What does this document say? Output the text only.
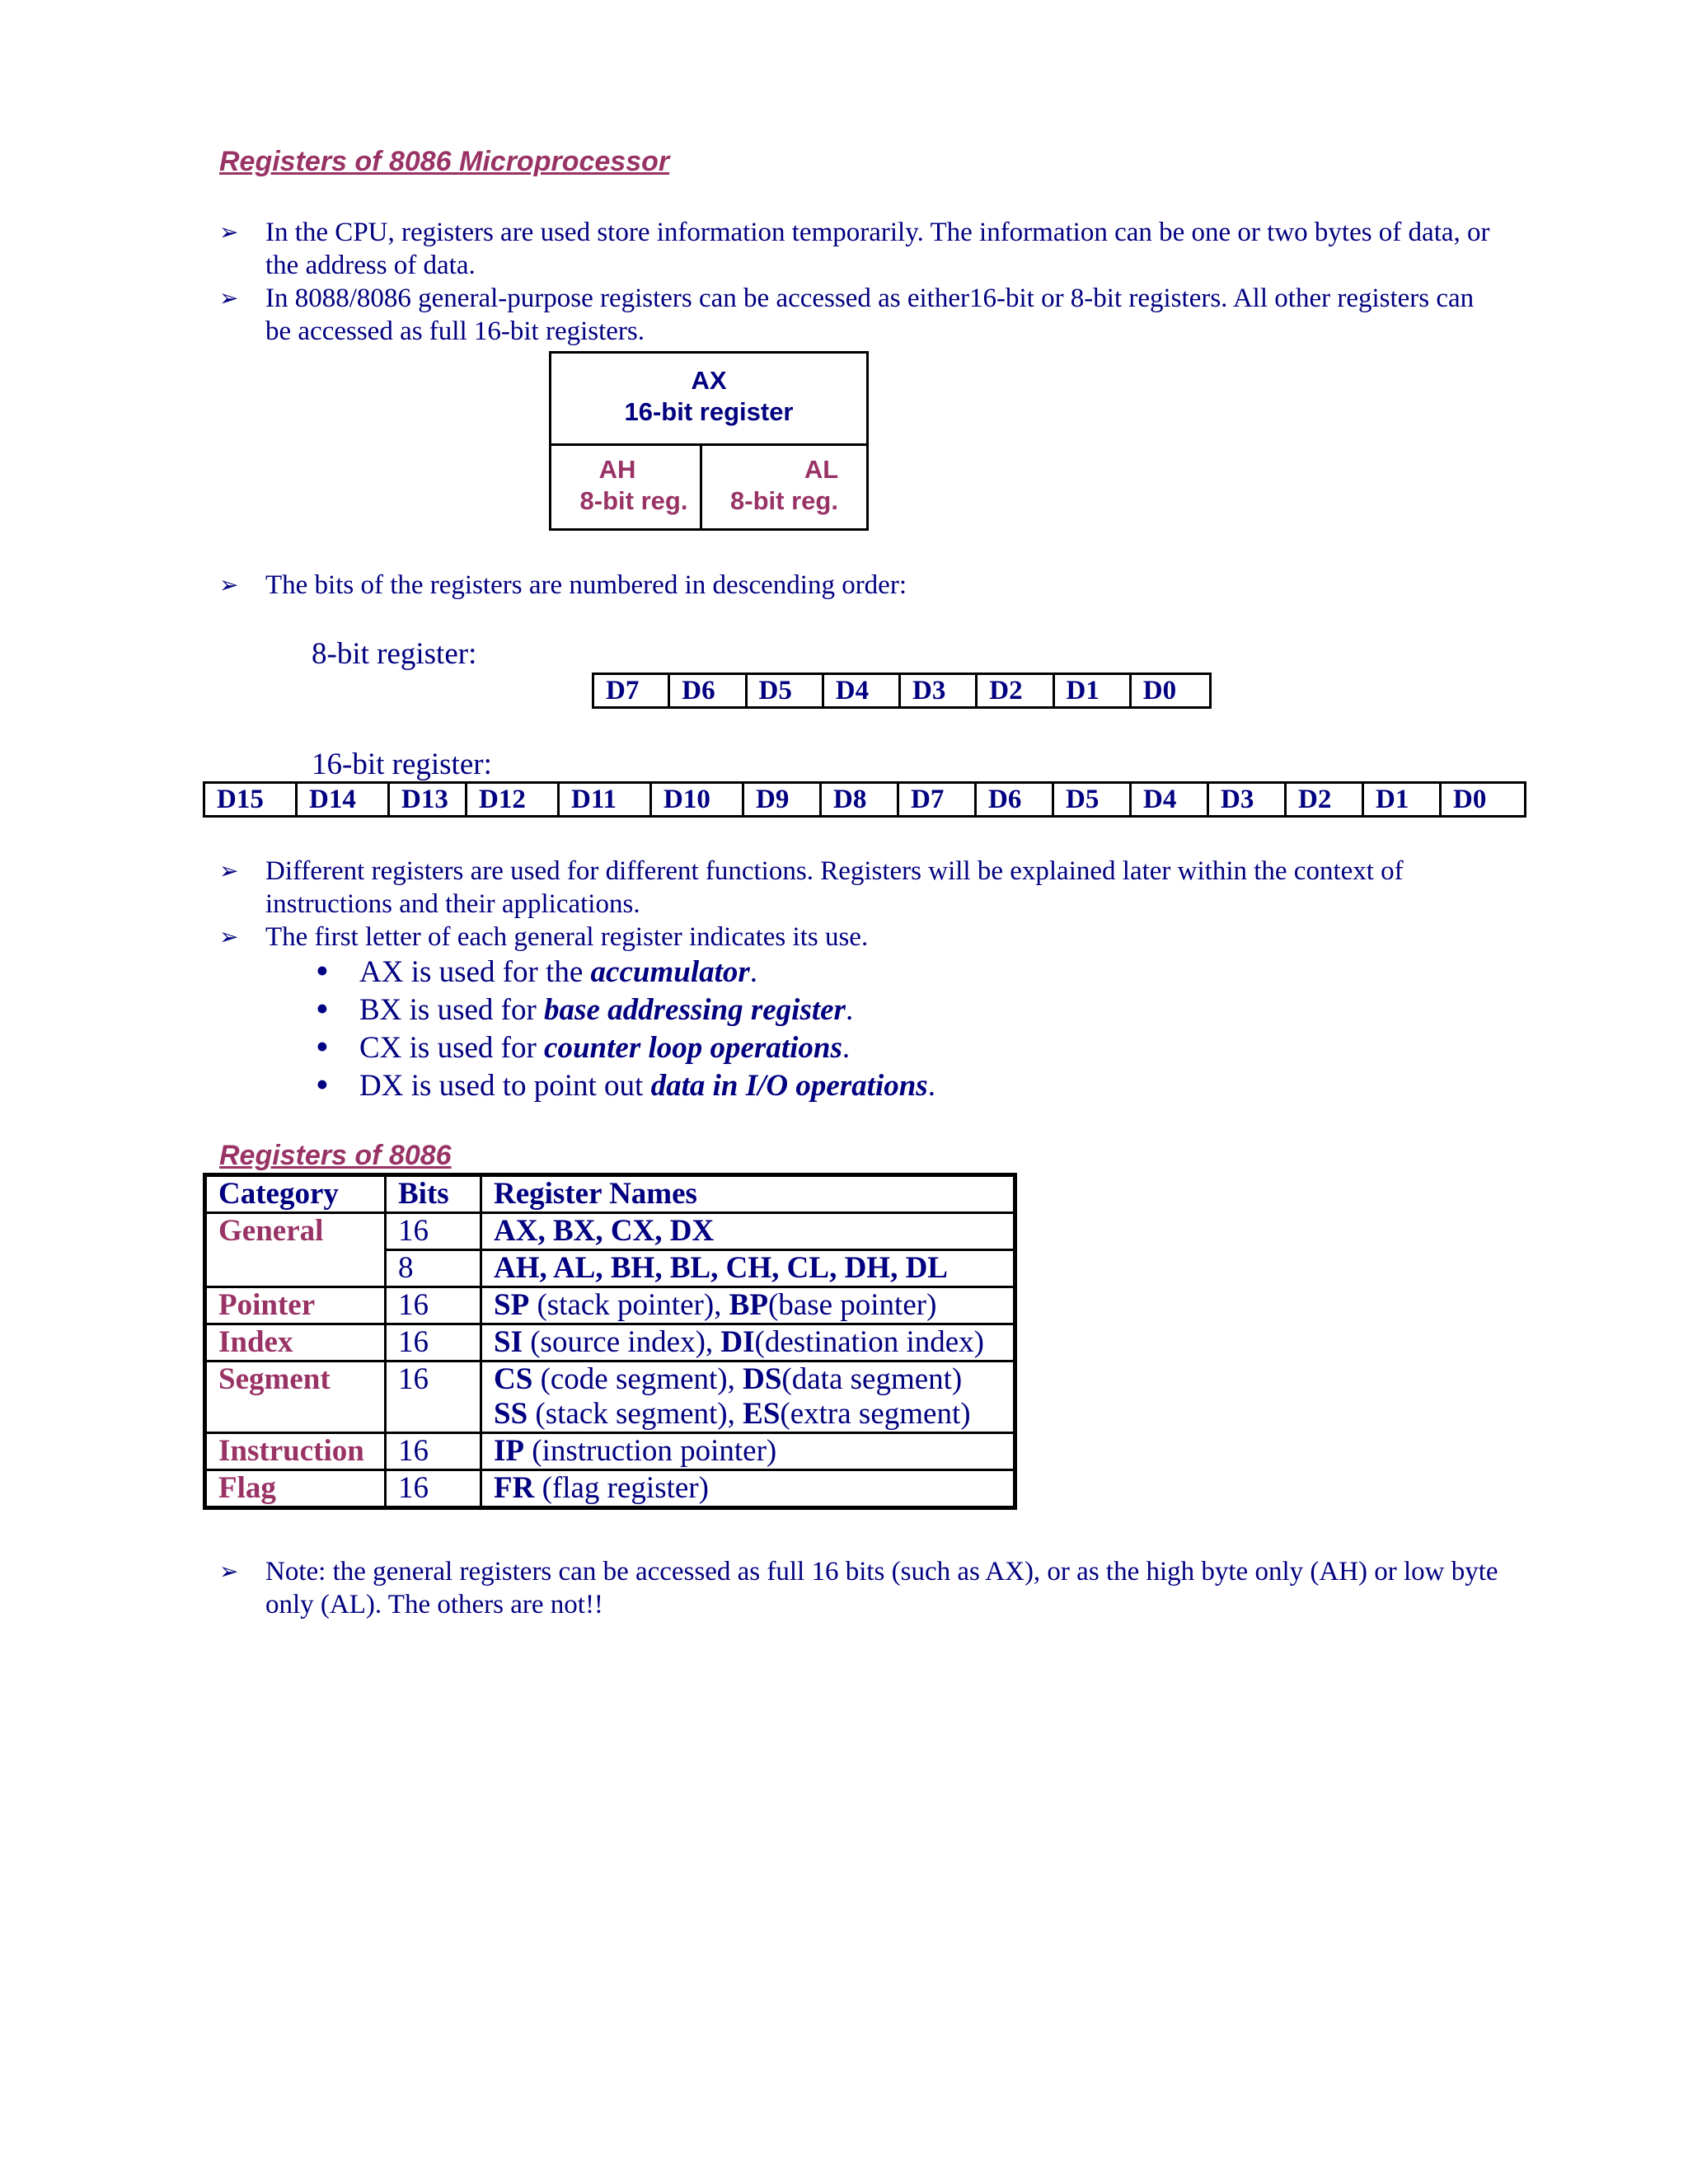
Registers of 8086 Microprocessor
➢ In the CPU, registers are used store information temporarily. The information can be one or two bytes of data, or the address of data.
➢ In 8088/8086 general-purpose registers can be accessed as either16-bit or 8-bit registers. All other registers can be accessed as full 16-bit registers.
AX
16-bit register
AH
8-bit reg.
AL
8-bit reg.
➢ The bits of the registers are numbered in descending order:
8-bit register:
D7	D6	D5	D4	D3	D2	D1	D0
16-bit register:
D15	D14	D13	D12	D11	D10	D9	D8	D7	D6	D5	D4	D3	D2	D1	D0
➢ Different registers are used for different functions. Registers will be explained later within the context of instructions and their applications.
➢ The first letter of each general register indicates its use.
• AX is used for the accumulator.
• BX is used for base addressing register.
• CX is used for counter loop operations.
• DX is used to point out data in I/O operations.
Registers of 8086
Category	Bits	Register Names
General	16	AX, BX, CX, DX
	8	AH, AL, BH, BL, CH, CL, DH, DL
Pointer	16	SP (stack pointer), BP(base pointer)
Index	16	SI (source index), DI(destination index)
Segment	16	CS (code segment), DS(data segment)
SS (stack segment), ES(extra segment)

Instruction	16	IP (instruction pointer)
Flag	16	FR (flag register)
➢ Note: the general registers can be accessed as full 16 bits (such as AX), or as the high byte only (AH) or low byte only (AL). The others are not!!
